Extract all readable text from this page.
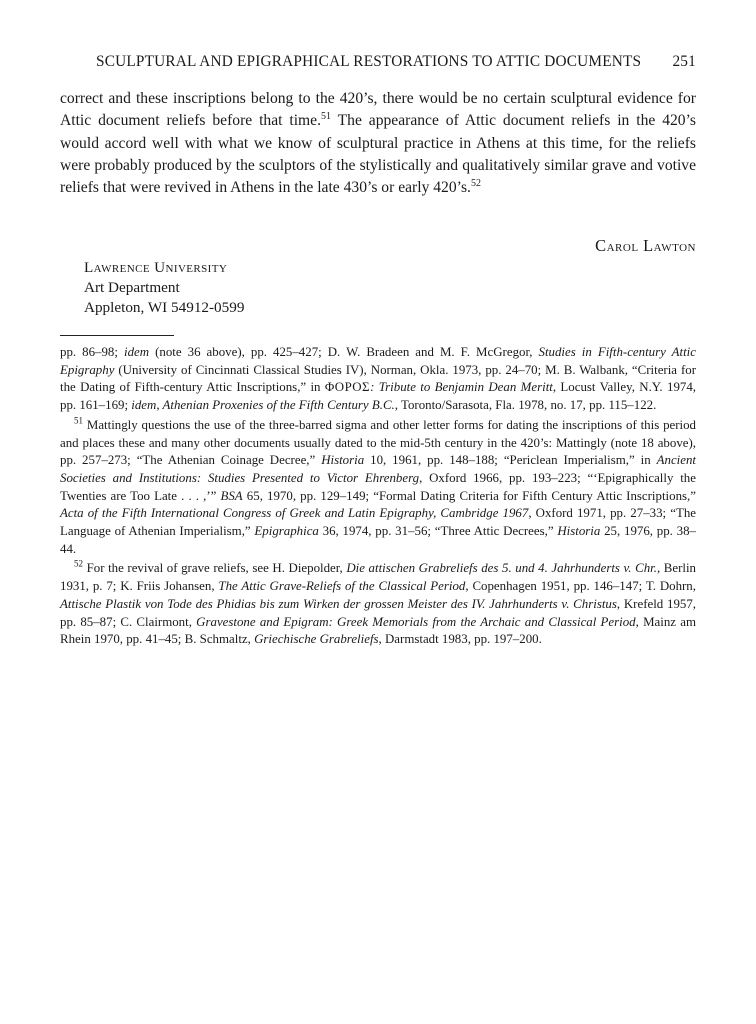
SCULPTURAL AND EPIGRAPHICAL RESTORATIONS TO ATTIC DOCUMENTS 251

correct and these inscriptions belong to the 420’s, there would be no certain sculptural evidence for Attic document reliefs before that time.$^{51}$ The appearance of Attic document reliefs in the 420’s would accord well with what we know of sculptural practice in Athens at this time, for the reliefs were probably produced by the sculptors of the stylistically and qualitatively similar grave and votive reliefs that were revived in Athens in the late 430’s or early 420’s.$^{52}$

Carol Lawton
Lawrence University
Art Department
Appleton, WI 54912-0599

pp. 86–98; idem (note 36 above), pp. 425–427; D. W. Bradeen and M. F. McGregor, Studies in Fifth-century Attic Epigraphy (University of Cincinnati Classical Studies IV), Norman, Okla. 1973, pp. 24–70; M. B. Walbank, “Criteria for the Dating of Fifth-century Attic Inscriptions,” in ΦΟΡΟΣ: Tribute to Benjamin Dean Meritt, Locust Valley, N.Y. 1974, pp. 161–169; idem, Athenian Proxenies of the Fifth Century B.C., Toronto/Sarasota, Fla. 1978, no. 17, pp. 115–122.

$^{51}$ Mattingly questions the use of the three-barred sigma and other letter forms for dating the inscriptions of this period and places these and many other documents usually dated to the mid-5th century in the 420’s: Mattingly (note 18 above), pp. 257–273; “The Athenian Coinage Decree,” Historia 10, 1961, pp. 148–188; “Periclean Imperialism,” in Ancient Societies and Institutions: Studies Presented to Victor Ehrenberg, Oxford 1966, pp. 193–223; “‘Epigraphically the Twenties are Too Late . . . ,’” BSA 65, 1970, pp. 129–149; “Formal Dating Criteria for Fifth Century Attic Inscriptions,” Acta of the Fifth International Congress of Greek and Latin Epigraphy, Cambridge 1967, Oxford 1971, pp. 27–33; “The Language of Athenian Imperialism,” Epigraphica 36, 1974, pp. 31–56; “Three Attic Decrees,” Historia 25, 1976, pp. 38–44.

$^{52}$ For the revival of grave reliefs, see H. Diepolder, Die attischen Grabreliefs des 5. und 4. Jahrhunderts v. Chr., Berlin 1931, p. 7; K. Friis Johansen, The Attic Grave-Reliefs of the Classical Period, Copenhagen 1951, pp. 146–147; T. Dohrn, Attische Plastik von Tode des Phidias bis zum Wirken der grossen Meister des IV. Jahrhunderts v. Christus, Krefeld 1957, pp. 85–87; C. Clairmont, Gravestone and Epigram: Greek Memorials from the Archaic and Classical Period, Mainz am Rhein 1970, pp. 41–45; B. Schmaltz, Griechische Grabreliefs, Darmstadt 1983, pp. 197–200.
